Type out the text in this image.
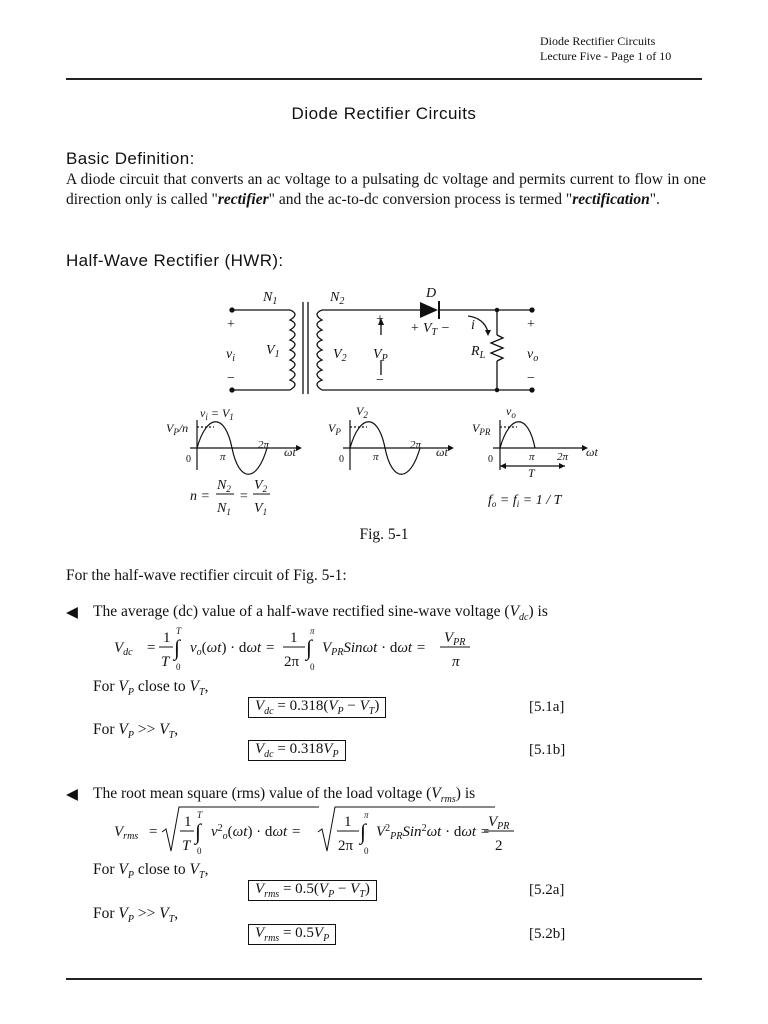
Diode Rectifier Circuits
Lecture Five - Page 1 of 10
Diode Rectifier Circuits
Basic Definition:
A diode circuit that converts an ac voltage to a pulsating dc voltage and permits current to flow in one direction only is called "rectifier" and the ac-to-dc conversion process is termed "rectification".
Half-Wave Rectifier (HWR):
$N_1$	$N_2$
D
$v_i$
$V_1$	$V_2$ $V_P$
+ $V_T - i$
$R_L$	$v_o$
+
−
+
−
+
−
$v_i = V_1$
$V_P/n$
0	π
2π ωt
$V_2$
$V_P$
0	π
2π ωt
$v_o$
$V_{PR}$
0	π 2π ωt
T
n =
$N_2$
$N_1$
=
$V_2$
$V_1$
$f_o = f_i = 1 / T$
Fig. 5-1
For the half-wave rectifier circuit of Fig. 5-1:
◀ The average (dc) value of a half-wave rectified sine-wave voltage $(V_{dc})$ is
$V_{dc}$ =
1
T
∫
T
0
$v_o(\omega t) \cdot d\omega t$ =
1
2π
∫
π
0
$V_{PR}Sin\omega t \cdot d\omega t$ =
$V_{PR}$
π
For $V_P$ close to $V_T$,
$V_{dc} = 0.318(V_P - V_T)$	[5.1a]
For $V_P >> V_T$,
$V_{dc} = 0.318V_P$	[5.1b]
◀ The root mean square (rms) value of the load voltage $(V_{rms})$ is
$V_{rms}$ =
1
T
∫
T
0
$v^2_o(\omega t) \cdot d\omega t$ =
1
2π
∫
π
0
$V^2_{PR}Sin^2\omega t \cdot d\omega t$ =
$V_{PR}$
2
For $V_P$ close to $V_T$,
$V_{rms} = 0.5(V_P - V_T)$	[5.2a]
For $V_P >> V_T$,
$V_{rms} = 0.5V_P$	[5.2b]
